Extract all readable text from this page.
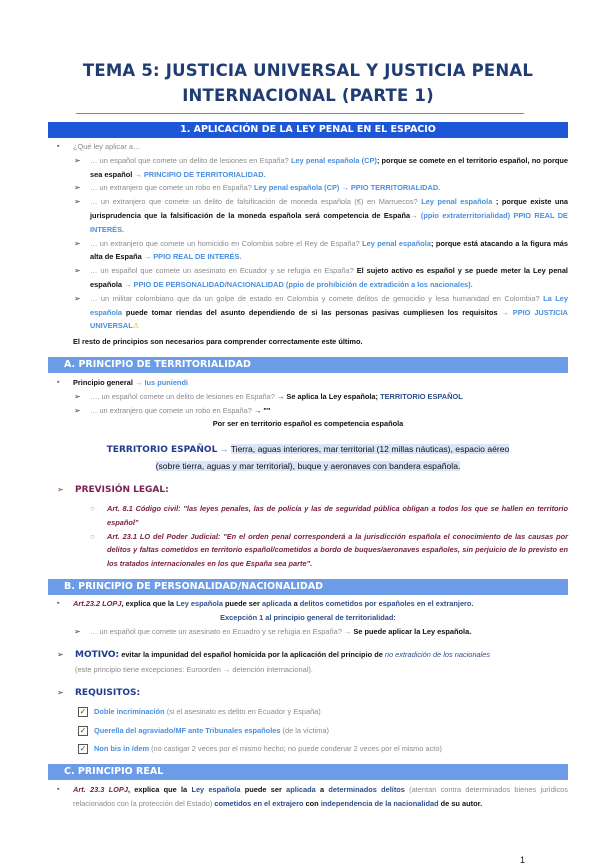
TEMA 5: JUSTICIA UNIVERSAL Y JUSTICIA PENAL
INTERNACIONAL (PARTE 1)
1. APLICACIÓN DE LA LEY PENAL EN EL ESPACIO
▪ ¿Qué ley aplicar a…
➢ … un español que comete un delito de lesiones en España? Ley penal española (CP); porque se comete en el territorio español, no porque sea español → PRINCIPIO DE TERRITORIALIDAD.
➢ … un extranjero que comete un robo en España? Ley penal española (CP) → PPIO TERRITORIALIDAD.
➢ … un extranjero que comete un delito de falsificación de moneda española (€) en Marruecos? Ley penal española ; porque existe una jurisprudencia que la falsificación de la moneda española será competencia de España→ (ppio extraterritorialidad) PPIO REAL DE INTERÉS.
➢ … un extranjero que comete un homicidio en Colombia sobre el Rey de España? Ley penal española; porque está atacando a la figura más alta de España → PPIO REAL DE INTERÉS.
➢ … un español que comete un asesinato en Ecuador y se refugia en España? El sujeto activo es español y se puede meter la Ley penal española → PPIO DE PERSONALIDAD/NACIONALIDAD (ppio de prohibición de extradición a los nacionales).
➢ … un militar colombiano que da un golpe de estado en Colombia y comete delitos de genocidio y lesa humanidad en Colombia? La Ley española puede tomar riendas del asunto dependiendo de si las personas pasivas cumpliesen los requisitos → PPIO JUSTICIA UNIVERSAL⚠
El resto de principios son necesarios para comprender correctamente este último.
A. PRINCIPIO DE TERRITORIALIDAD
▪ Principio general → Ius puniendi
➢ …. un español comete un delito de lesiones en España? → Se aplica la Ley española; TERRITORIO ESPAÑOL
➢ … un extranjero que comete un robo en España? → ""
Por ser en territorio español es competencia española
TERRITORIO ESPAÑOL → Tierra, aguas interiores, mar territorial (12 millas náuticas), espacio aéreo (sobre tierra, aguas y mar territorial), buque y aeronaves con bandera española.
➢ PREVISIÓN LEGAL:
○ Art. 8.1 Código civil: "las leyes penales, las de policía y las de seguridad pública obligan a todos los que se hallen en territorio español"
○ Art. 23.1 LO del Poder Judicial: "En el orden penal corresponderá a la jurisdicción española el conocimiento de las causas por delitos y faltas cometidos en territorio español/cometidos a bordo de buques/aeronaves españoles, sin perjuicio de lo previsto en los tratados internacionales en los que España sea parte".
B. PRINCIPIO DE PERSONALIDAD/NACIONALIDAD
▪ Art.23.2 LOPJ, explica que la Ley española puede ser aplicada a delitos cometidos por españoles en el extranjero.
Excepción 1 al principio general de territorialidad:
➢ … un español que comete un asesinato en Ecuadro y se refugia en España? → Se puede aplicar la Ley española.
➢ MOTIVO: evitar la impunidad del español homicida por la aplicación del principio de no extradición de los nacionales
(este principio tiene excepciones: Euroorden → detención internacional).
➢ REQUISITOS:
✓ Doble incriminación (si el asesinato es delito en Ecuador y España)
✓ Querella del agraviado/MF ante Tribunales españoles (de la víctima)
✓ Non bis in ídem (no castigar 2 veces por el mismo hecho; no puede condenar 2 veces por el mismo acto)
C. PRINCIPIO REAL
▪ Art. 23.3 LOPJ, explica que la Ley española puede ser aplicada a determinados delitos (atentan contra determinados bienes jurídicos relacionados con la protección del Estado) cometidos en el extrajero con independencia de la nacionalidad de su autor.
1
